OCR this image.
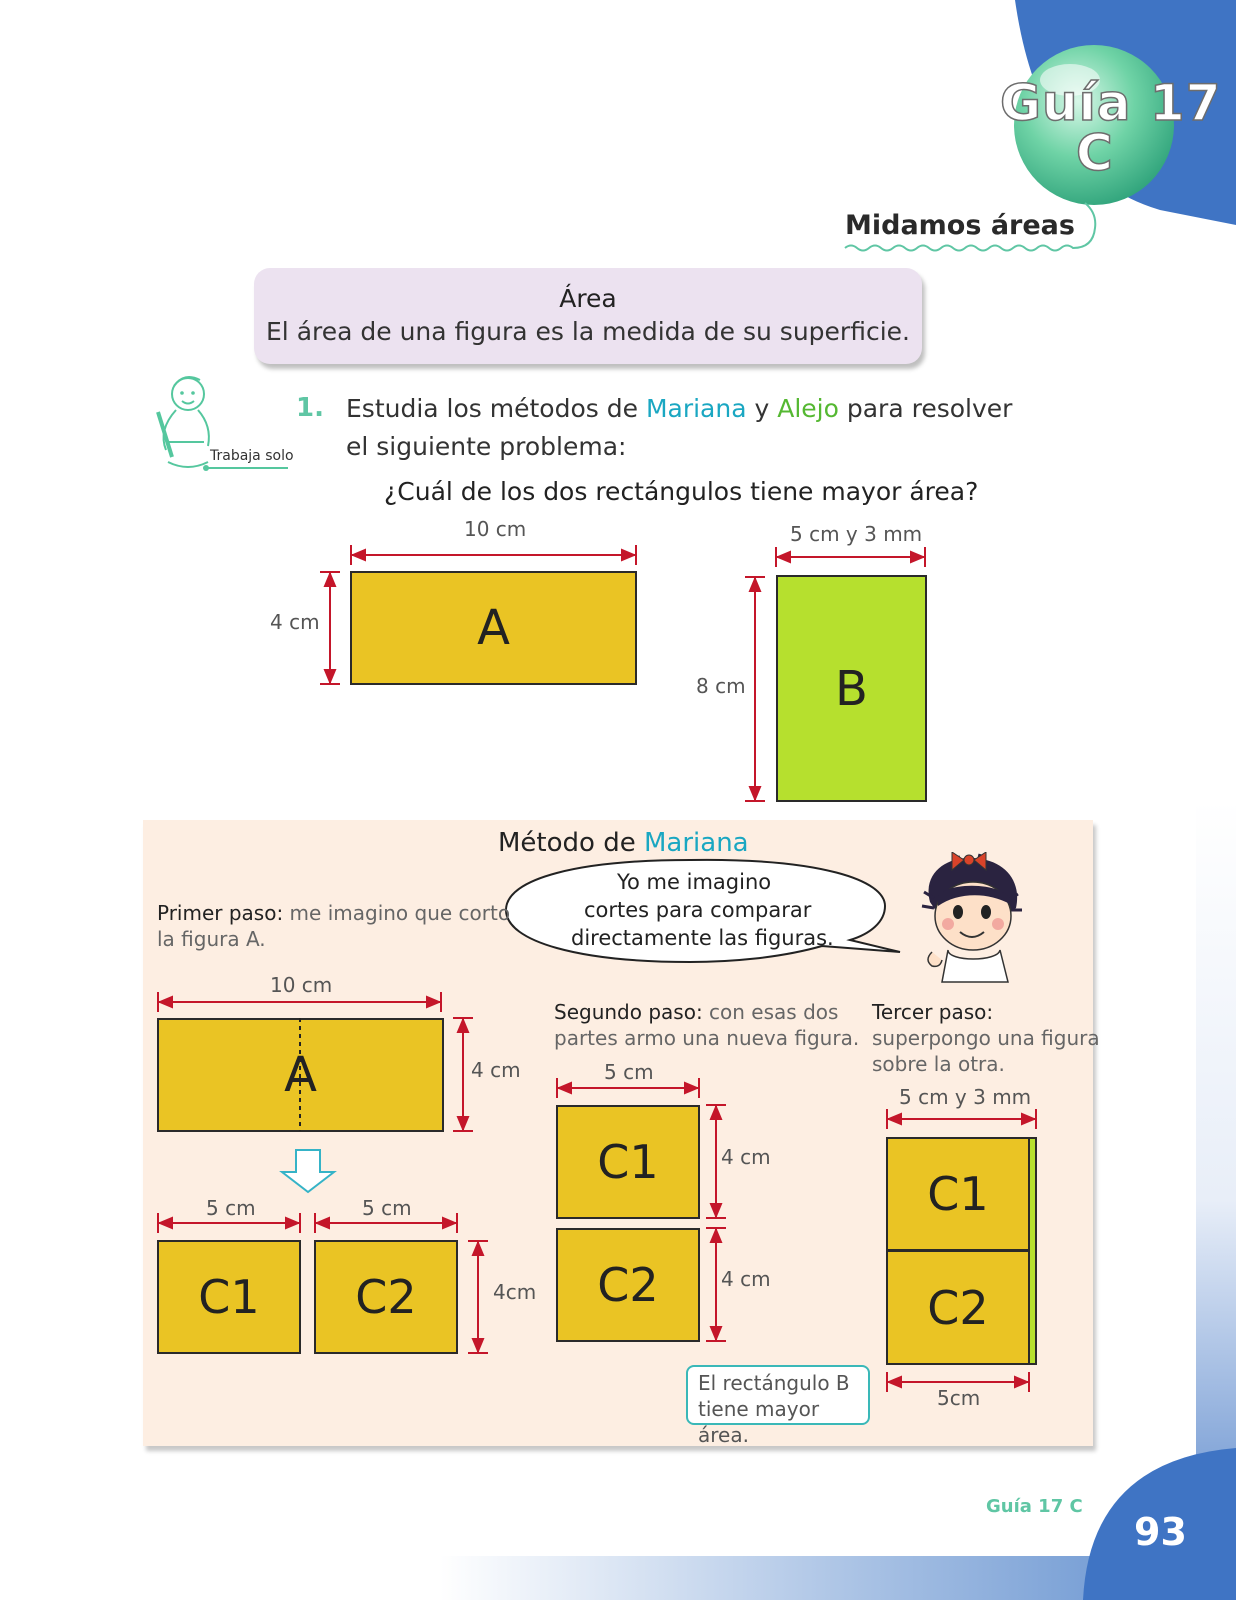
Guía 17
C
Midamos áreas
Área
El área de una figura es la medida de su superficie.
Trabaja solo
1. Estudia los métodos de Mariana y Alejo para resolver
el siguiente problema:
¿Cuál de los dos rectángulos tiene mayor área?
10 cm
4 cm	A
5 cm y 3 mm
8 cm B
Método de Mariana
Yo me imagino
cortes para comparar
directamente las figuras.
Primer paso: me imagino que corto
la figura A.
10 cm
A	4 cm
5 cm	5 cm
C1 C2	4cm
Segundo paso: con esas dos
partes armo una nueva figura.
5 cm
C1
C2
4 cm
4 cm
Tercer paso:
superpongo una figura
sobre la otra.
5 cm y 3 mm
C1
C2
5cm
El rectángulo B
tiene mayor área.
Guía 17 C
93
